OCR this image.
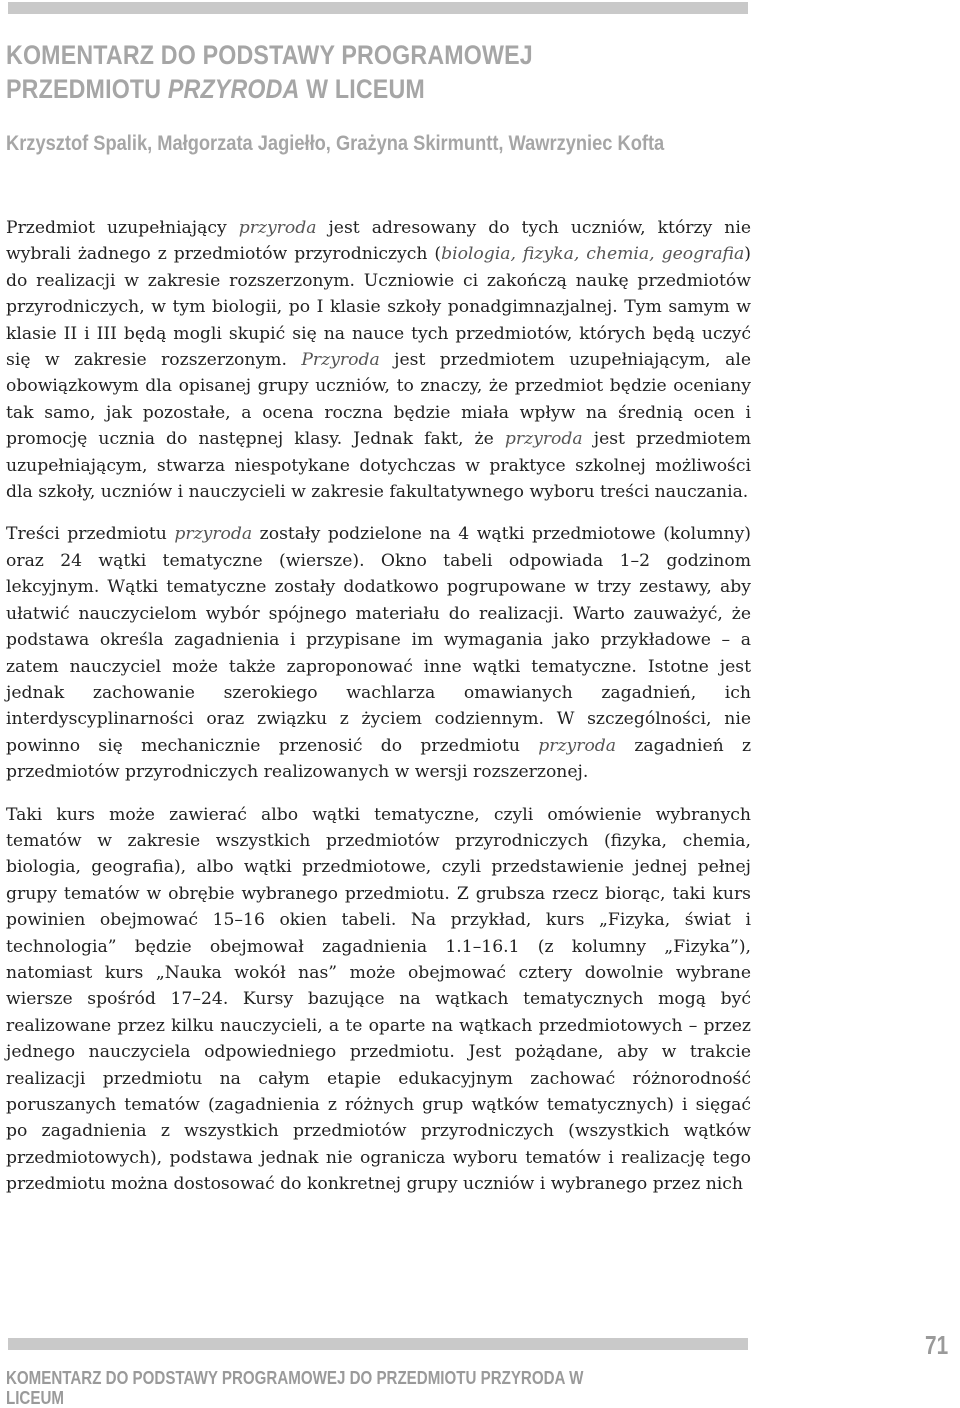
KOMENTARZ DO PODSTAWY PROGRAMOWEJ
PRZEDMIOTU PRZYRODA W LICEUM
Krzysztof Spalik, Małgorzata Jagiełło, Grażyna Skirmuntt, Wawrzyniec Kofta

Przedmiot uzupełniający przyroda jest adresowany do tych uczniów, którzy nie wybrali żadnego z przedmiotów przyrodniczych (biologia, fizyka, chemia, geografia) do realizacji w zakresie rozszerzonym. Uczniowie ci zakończą naukę przedmiotów przyrodniczych, w tym biologii, po I klasie szkoły ponadgimnazjalnej. Tym samym w klasie II i III będą mogli skupić się na nauce tych przedmiotów, których będą uczyć się w zakresie rozszerzonym. Przyroda jest przedmiotem uzupełniającym, ale obowiązkowym dla opisanej grupy uczniów, to znaczy, że przedmiot będzie oceniany tak samo, jak pozostałe, a ocena roczna będzie miała wpływ na średnią ocen i promocję ucznia do następnej klasy. Jednak fakt, że przyroda jest przedmiotem uzupełniającym, stwarza niespotykane dotychczas w praktyce szkolnej możliwości dla szkoły, uczniów i nauczycieli w zakresie fakultatywnego wyboru treści nauczania.

Treści przedmiotu przyroda zostały podzielone na 4 wątki przedmiotowe (kolumny) oraz 24 wątki tematyczne (wiersze). Okno tabeli odpowiada 1–2 godzinom lekcyjnym. Wątki tematyczne zostały dodatkowo pogrupowane w trzy zestawy, aby ułatwić nauczycielom wybór spójnego materiału do realizacji. Warto zauważyć, że podstawa określa zagadnienia i przypisane im wymagania jako przykładowe – a zatem nauczyciel może także zaproponować inne wątki tematyczne. Istotne jest jednak zachowanie szerokiego wachlarza omawianych zagadnień, ich interdyscyplinarności oraz związku z życiem codziennym. W szczególności, nie powinno się mechanicznie przenosić do przedmiotu przyroda zagadnień z przedmiotów przyrodniczych realizowanych w wersji rozszerzonej.

Taki kurs może zawierać albo wątki tematyczne, czyli omówienie wybranych tematów w zakresie wszystkich przedmiotów przyrodniczych (fizyka, chemia, biologia, geografia), albo wątki przedmiotowe, czyli przedstawienie jednej pełnej grupy tematów w obrębie wybranego przedmiotu. Z grubsza rzecz biorąc, taki kurs powinien obejmować 15–16 okien tabeli. Na przykład, kurs „Fizyka, świat i technologia” będzie obejmował zagadnienia 1.1–16.1 (z kolumny „Fizyka”), natomiast kurs „Nauka wokół nas” może obejmować cztery dowolnie wybrane wiersze spośród 17–24. Kursy bazujące na wątkach tematycznych mogą być realizowane przez kilku nauczycieli, a te oparte na wątkach przedmiotowych – przez jednego nauczyciela odpowiedniego przedmiotu. Jest pożądane, aby w trakcie realizacji przedmiotu na całym etapie edukacyjnym zachować różnorodność poruszanych tematów (zagadnienia z różnych grup wątków tematycznych) i sięgać po zagadnienia z wszystkich przedmiotów przyrodniczych (wszystkich wątków przedmiotowych), podstawa jednak nie ogranicza wyboru tematów i realizację tego przedmiotu można dostosować do konkretnej grupy uczniów i wybranego przez nich

KOMENTARZ DO PODSTAWY PROGRAMOWEJ DO PRZEDMIOTU PRZYRODA W LICEUM
71
